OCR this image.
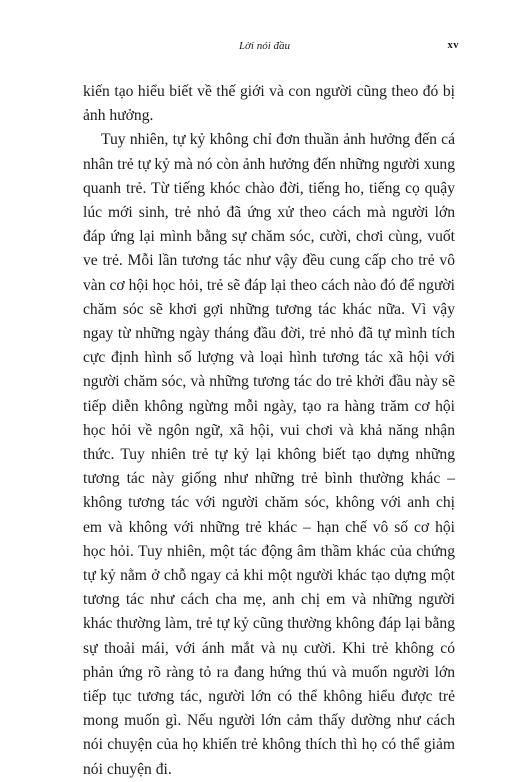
Lời nói đầu	xv

kiến tạo hiểu biết về thế giới và con người cũng theo đó bị ảnh hưởng.

Tuy nhiên, tự kỷ không chỉ đơn thuần ảnh hưởng đến cá nhân trẻ tự kỷ mà nó còn ảnh hưởng đến những người xung quanh trẻ. Từ tiếng khóc chào đời, tiếng ho, tiếng cọ quậy lúc mới sinh, trẻ nhỏ đã ứng xử theo cách mà người lớn đáp ứng lại mình bằng sự chăm sóc, cười, chơi cùng, vuốt ve trẻ. Mỗi lần tương tác như vậy đều cung cấp cho trẻ vô vàn cơ hội học hỏi, trẻ sẽ đáp lại theo cách nào đó để người chăm sóc sẽ khơi gợi những tương tác khác nữa. Vì vậy ngay từ những ngày tháng đầu đời, trẻ nhỏ đã tự mình tích cực định hình số lượng và loại hình tương tác xã hội với người chăm sóc, và những tương tác do trẻ khởi đầu này sẽ tiếp diễn không ngừng mỗi ngày, tạo ra hàng trăm cơ hội học hỏi về ngôn ngữ, xã hội, vui chơi và khả năng nhận thức. Tuy nhiên trẻ tự kỷ lại không biết tạo dựng những tương tác này giống như những trẻ bình thường khác – không tương tác với người chăm sóc, không với anh chị em và không với những trẻ khác – hạn chế vô số cơ hội học hỏi. Tuy nhiên, một tác động âm thầm khác của chứng tự kỷ nằm ở chỗ ngay cả khi một người khác tạo dựng một tương tác như cách cha mẹ, anh chị em và những người khác thường làm, trẻ tự kỷ cũng thường không đáp lại bằng sự thoải mái, với ánh mắt và nụ cười. Khi trẻ không có phản ứng rõ ràng tỏ ra đang hứng thú và muốn người lớn tiếp tục tương tác, người lớn có thể không hiểu được trẻ mong muốn gì. Nếu người lớn cảm thấy dường như cách nói chuyện của họ khiến trẻ không thích thì họ có thể giảm nói chuyện đi.
